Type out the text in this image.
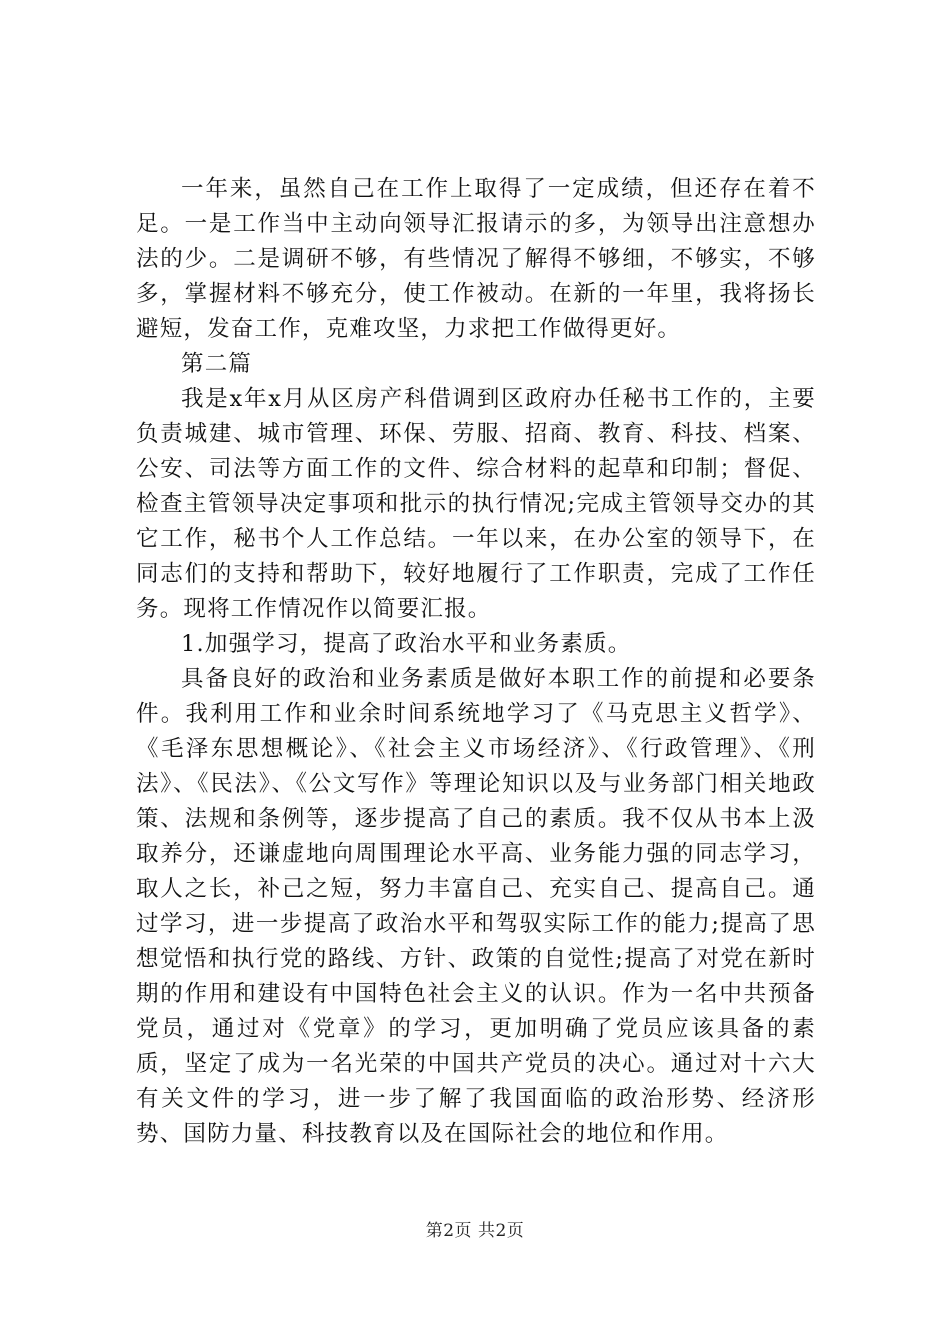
一年来，虽然自己在工作上取得了一定成绩，但还存在着不足。一是工作当中主动向领导汇报请示的多，为领导出注意想办法的少。二是调研不够，有些情况了解得不够细，不够实，不够多，掌握材料不够充分，使工作被动。在新的一年里，我将扬长避短，发奋工作，克难攻坚，力求把工作做得更好。

第二篇

我是x年x月从区房产科借调到区政府办任秘书工作的，主要负责城建、城市管理、环保、劳服、招商、教育、科技、档案、公安、司法等方面工作的文件、综合材料的起草和印制；督促、检查主管领导决定事项和批示的执行情况;完成主管领导交办的其它工作，秘书个人工作总结。一年以来，在办公室的领导下，在同志们的支持和帮助下，较好地履行了工作职责，完成了工作任务。现将工作情况作以简要汇报。

1.加强学习，提高了政治水平和业务素质。

具备良好的政治和业务素质是做好本职工作的前提和必要条件。我利用工作和业余时间系统地学习了《马克思主义哲学》、《毛泽东思想概论》、《社会主义市场经济》、《行政管理》、《刑法》、《民法》、《公文写作》等理论知识以及与业务部门相关地政策、法规和条例等，逐步提高了自己的素质。我不仅从书本上汲取养分，还谦虚地向周围理论水平高、业务能力强的同志学习，取人之长，补己之短，努力丰富自己、充实自己、提高自己。通过学习，进一步提高了政治水平和驾驭实际工作的能力;提高了思想觉悟和执行党的路线、方针、政策的自觉性;提高了对党在新时期的作用和建设有中国特色社会主义的认识。作为一名中共预备党员，通过对《党章》的学习，更加明确了党员应该具备的素质，坚定了成为一名光荣的中国共产党员的决心。通过对十六大有关文件的学习，进一步了解了我国面临的政治形势、经济形势、国防力量、科技教育以及在国际社会的地位和作用。

第2页 共2页
